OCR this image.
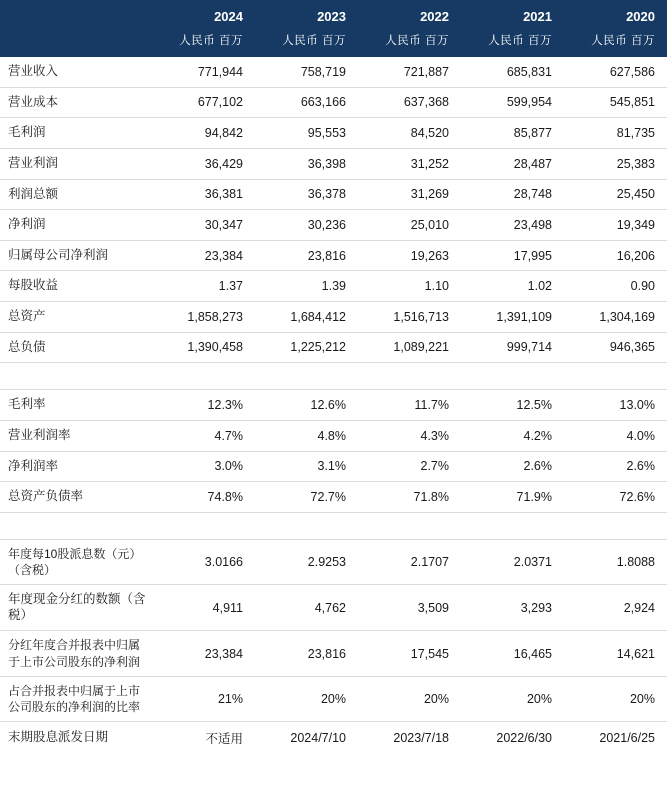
	2024	2023	2022	2021	2020
	人民币 百万	人民币 百万	人民币 百万	人民币 百万	人民币 百万
营业收入	771,944	758,719	721,887	685,831	627,586
营业成本	677,102	663,166	637,368	599,954	545,851
毛利润	94,842	95,553	84,520	85,877	81,735
营业利润	36,429	36,398	31,252	28,487	25,383
利润总额	36,381	36,378	31,269	28,748	25,450
净利润	30,347	30,236	25,010	23,498	19,349
归属母公司净利润	23,384	23,816	19,263	17,995	16,206
每股收益	1.37	1.39	1.10	1.02	0.90
总资产	1,858,273	1,684,412	1,516,713	1,391,109	1,304,169
总负债	1,390,458	1,225,212	1,089,221	999,714	946,365

毛利率	12.3%	12.6%	11.7%	12.5%	13.0%
营业利润率	4.7%	4.8%	4.3%	4.2%	4.0%
净利润率	3.0%	3.1%	2.7%	2.6%	2.6%
总资产负债率	74.8%	72.7%	71.8%	71.9%	72.6%

年度每10股派息数（元）（含税）	3.0166	2.9253	2.1707	2.0371	1.8088
年度现金分红的数额（含税）	4,911	4,762	3,509	3,293	2,924
分红年度合并报表中归属于上市公司股东的净利润	23,384	23,816	17,545	16,465	14,621
占合并报表中归属于上市公司股东的净利润的比率	21%	20%	20%	20%	20%
末期股息派发日期	不适用	2024/7/10	2023/7/18	2022/6/30	2021/6/25
